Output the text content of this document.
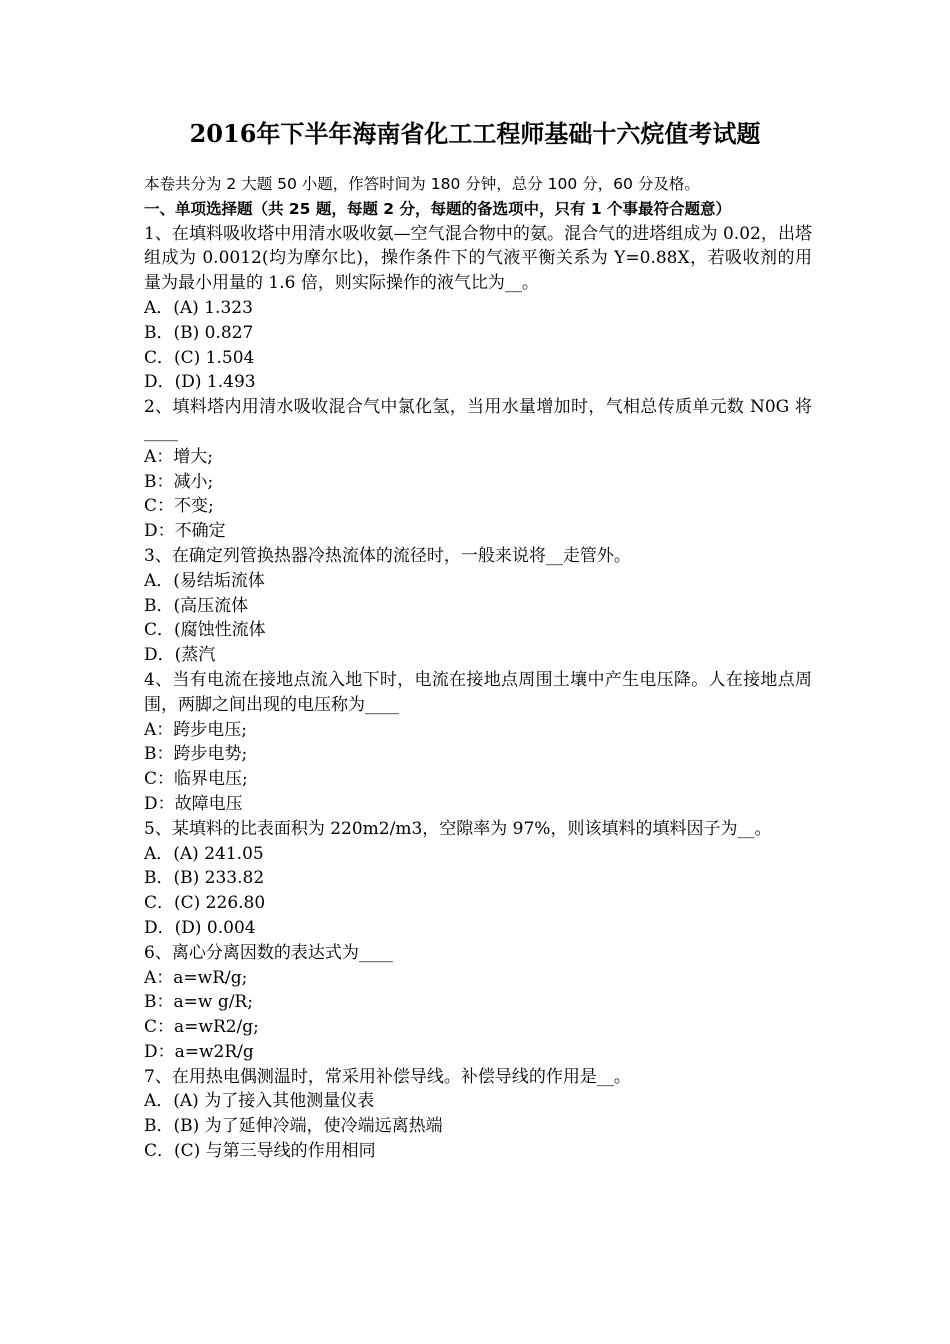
2016年下半年海南省化工工程师基础十六烷值考试题
本卷共分为 2 大题 50 小题，作答时间为 180 分钟，总分 100 分，60 分及格。
一、单项选择题（共 25 题，每题 2 分，每题的备选项中，只有 1 个事最符合题意）
1、在填料吸收塔中用清水吸收氨—空气混合物中的氨。混合气的进塔组成为 0.02，出塔组成为 0.0012(均为摩尔比)，操作条件下的气液平衡关系为 Y=0.88X，若吸收剂的用量为最小用量的 1.6 倍，则实际操作的液气比为__。
A．(A) 1.323
B．(B) 0.827
C．(C) 1.504
D．(D) 1.493
2、填料塔内用清水吸收混合气中氯化氢，当用水量增加时，气相总传质单元数 N0G 将____
A：增大;
B：减小;
C：不变;
D：不确定
3、在确定列管换热器冷热流体的流径时，一般来说将__走管外。
A．(易结垢流体
B．(高压流体
C．(腐蚀性流体
D．(蒸汽
4、当有电流在接地点流入地下时，电流在接地点周围土壤中产生电压降。人在接地点周围，两脚之间出现的电压称为____
A：跨步电压;
B：跨步电势;
C：临界电压;
D：故障电压
5、某填料的比表面积为 220m2/m3，空隙率为 97%，则该填料的填料因子为__。
A．(A) 241.05
B．(B) 233.82
C．(C) 226.80
D．(D) 0.004
6、离心分离因数的表达式为____
A：a=wR/g;
B：a=w g/R;
C：a=wR2/g;
D：a=w2R/g
7、在用热电偶测温时，常采用补偿导线。补偿导线的作用是__。
A．(A) 为了接入其他测量仪表
B．(B) 为了延伸冷端，使冷端远离热端
C．(C) 与第三导线的作用相同
